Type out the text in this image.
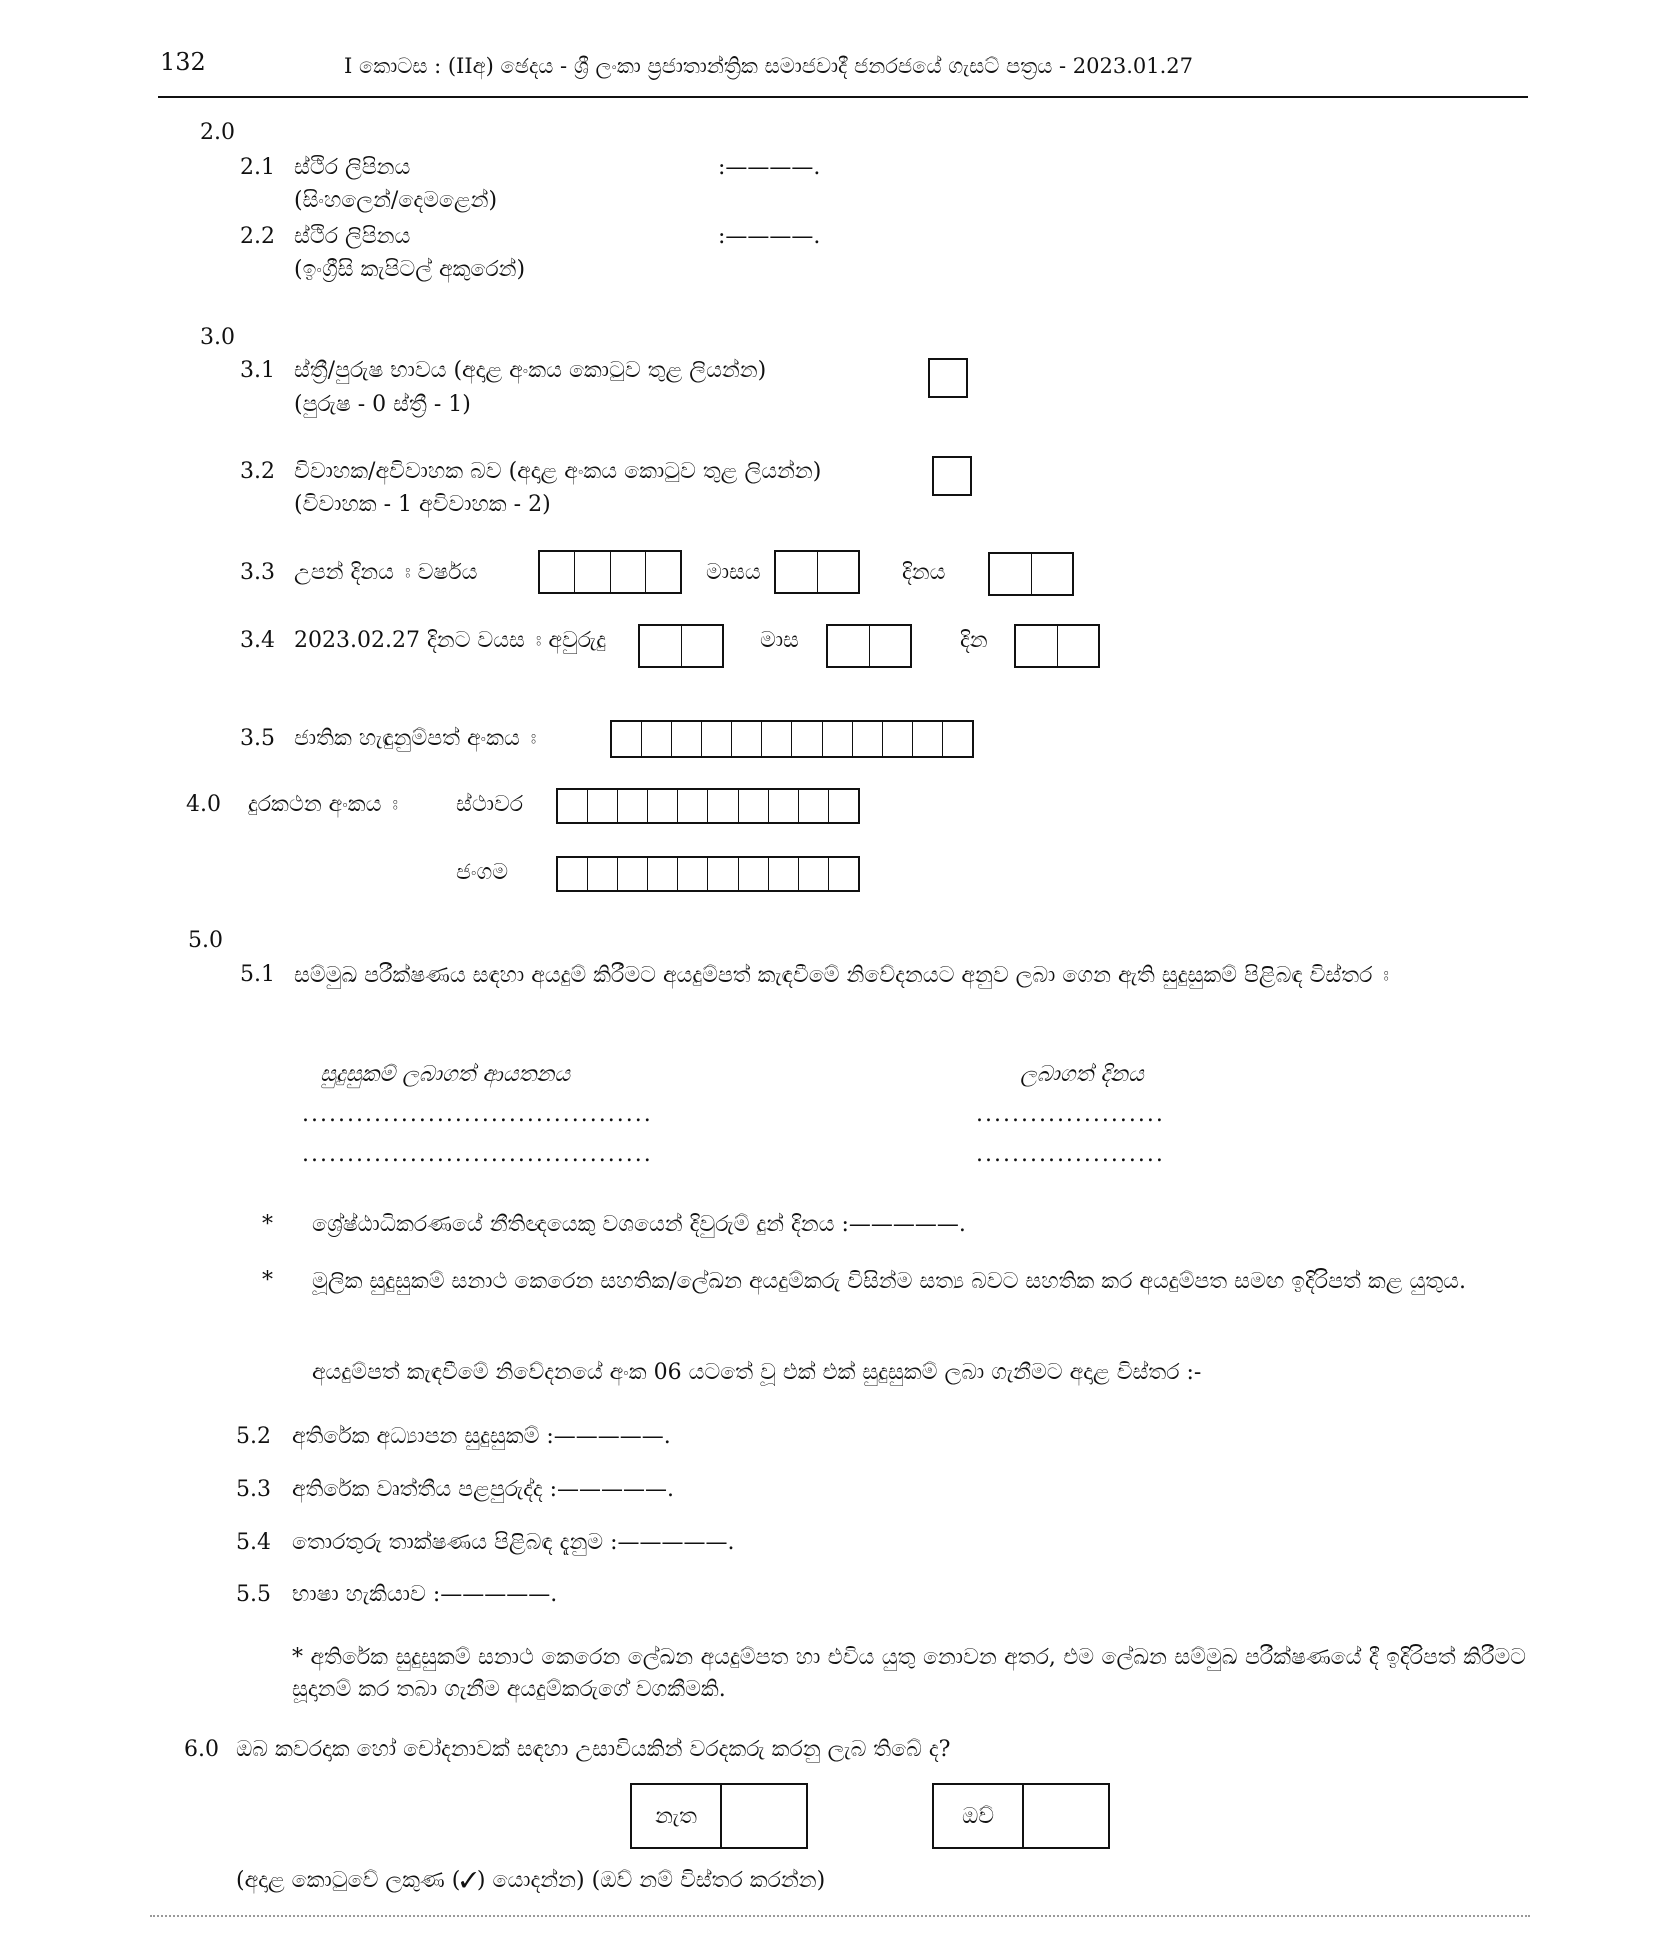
132	I කොටස : (IIඅ) ඡෙදය - ශ්‍රී ලංකා ප්‍රජාතාන්ත්‍රික සමාජවාදී ජනරජයේ ගැසට් පත්‍රය - 2023.01.27
2.0
2.1 ස්ථිර ලිපිනය
(සිංහලෙන්/දෙමළෙන්)
:————.
2.2 ස්ථිර ලිපිනය
(ඉංග්‍රීසි කැපිටල් අකුරෙන්)
:————.
3.0
3.1 ස්ත්‍රී/පුරුෂ භාවය (අදාළ අංකය කොටුව තුළ ලියන්න)
(පුරුෂ - 0 ස්ත්‍රී - 1)
3.2 විවාහක/අවිවාහක බව (අදාළ අංකය කොටුව තුළ ලියන්න)
(විවාහක - 1 අවිවාහක - 2)
3.3 උපන් දිනය ඃ වර්ෂය	මාසය	දිනය
3.4 2023.02.27 දිනට වයස ඃ අවුරුදු	මාස	දින
3.5 ජාතික හැඳුනුම්පත් අංකය ඃ
4.0 දුරකථන අංකය ඃ	ස්ථාවර
ජංගම
5.0
5.1 සම්මුඛ පරීක්ෂණය සඳහා අයදුම් කිරීමට අයදුම්පත් කැඳවීමේ නිවේදනයට අනුව ලබා ගෙන ඇති සුදුසුකම් පිළිබඳ විස්තර ඃ
සුදුසුකම් ලබාගත් ආයතනය	ලබාගත් දිනය
.......................................	.....................
.......................................	.....................
* ශ්‍රේෂ්ඨාධිකරණයේ නීතිඥයෙකු වශයෙන් දිවුරුම් දුන් දිනය :—————.
* මූලික සුදුසුකම් සනාථ කෙරෙන සහතික/ලේඛන අයදුම්කරු විසින්ම සත්‍ය බවට සහතික කර අයදුම්පත සමඟ ඉදිරිපත් කළ යුතුය.
අයදුම්පත් කැඳවීමේ නිවේදනයේ අංක 06 යටතේ වූ එක් එක් සුදුසුකම් ලබා ගැනීමට අදාළ විස්තර :-
5.2 අතිරේක අධ්‍යාපන සුදුසුකම් :—————.
5.3 අතිරේක වෘත්තීය පළපුරුද්ද :—————.
5.4 තොරතුරු තාක්ෂණය පිළිබඳ දැනුම :—————.
5.5 භාෂා හැකියාව :—————.
* අතිරේක සුදුසුකම් සනාථ කෙරෙන ලේඛන අයදුම්පත හා එවිය යුතු නොවන අතර, එම ලේඛන සම්මුඛ පරීක්ෂණයේ දී ඉදිරිපත් කිරීමට සූදානම් කර තබා ගැනීම අයදුම්කරුගේ වගකීමකි.
6.0 ඔබ කවරදාක හෝ චෝදනාවක් සඳහා උසාවියකින් වරදකරු කරනු ලැබ තිබේ ද?
නැත	ඔව්
(අදාළ කොටුවේ ලකුණ (✓) යොදන්න) (ඔව් නම් විස්තර කරන්න)
